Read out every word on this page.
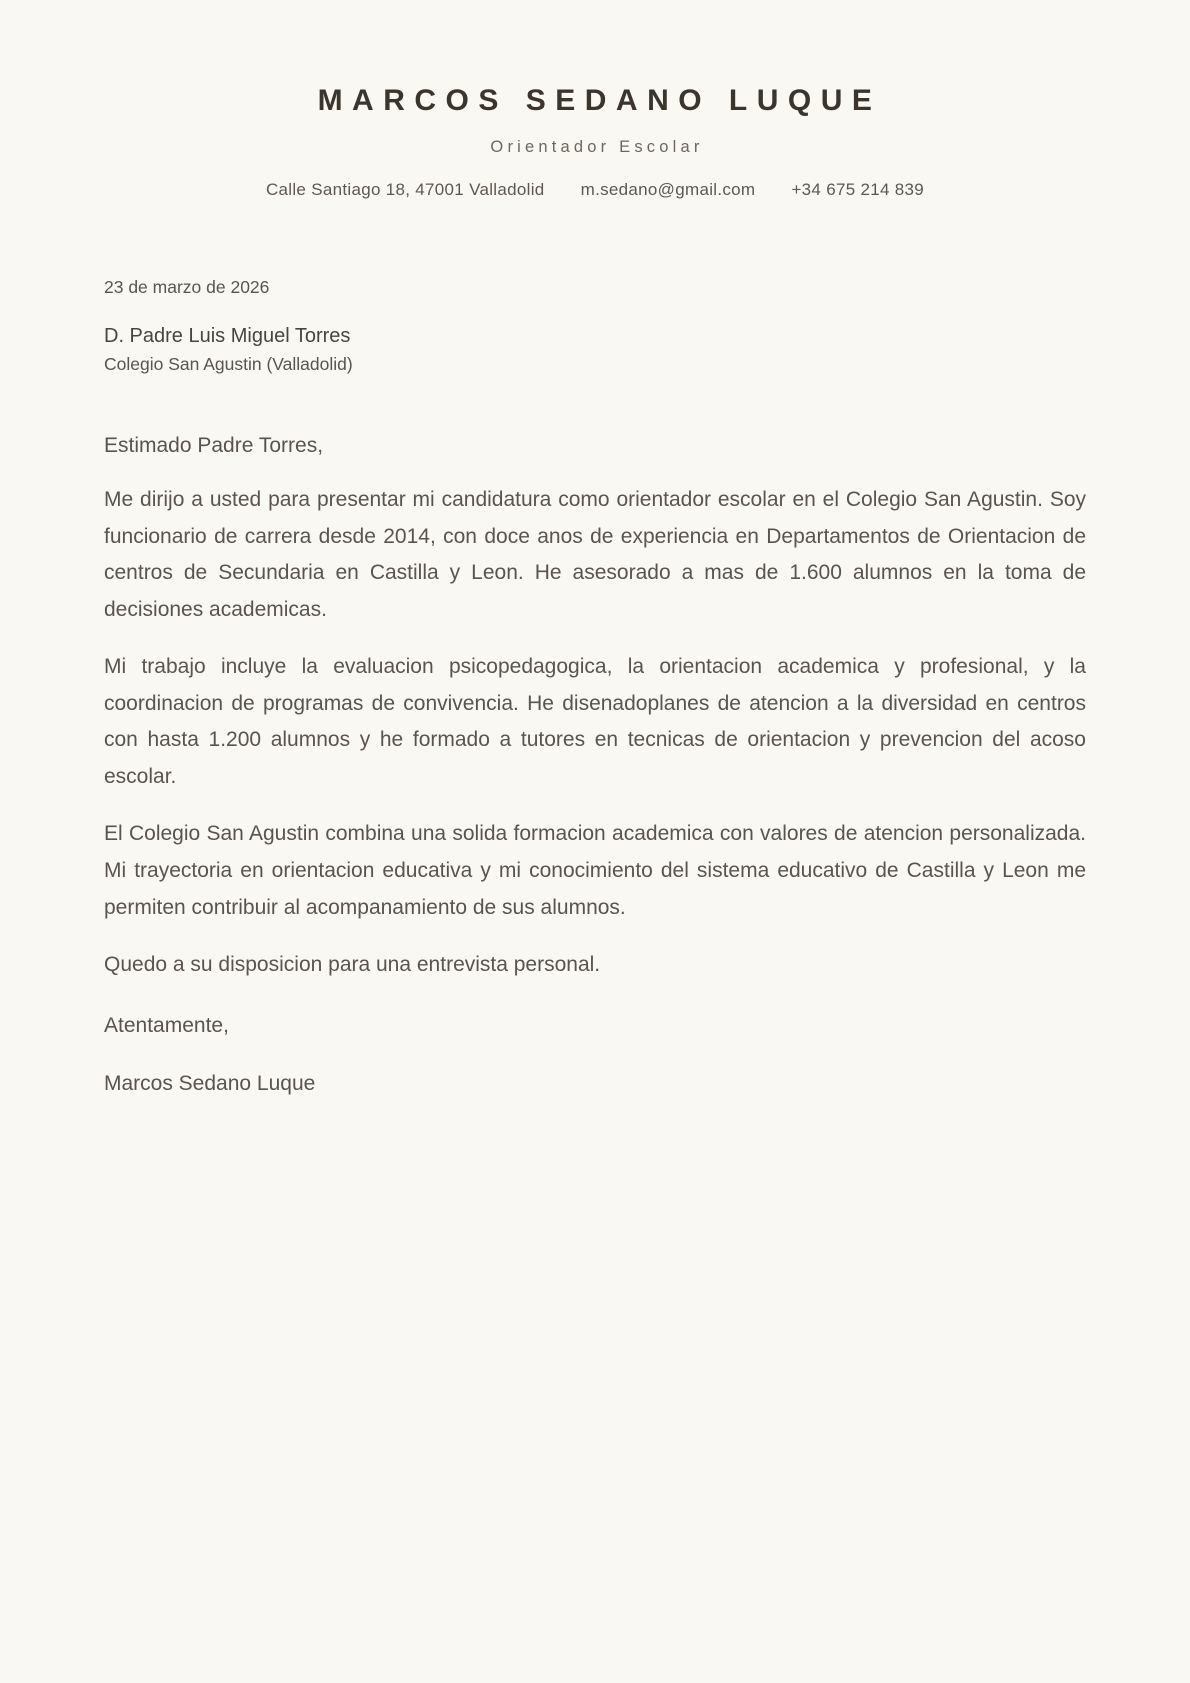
MARCOS SEDANO LUQUE

Orientador Escolar

Calle Santiago 18, 47001 Valladolid m.sedano@gmail.com +34 675 214 839

23 de marzo de 2026

D. Padre Luis Miguel Torres

Colegio San Agustin (Valladolid)

Estimado Padre Torres,

Me dirijo a usted para presentar mi candidatura como orientador escolar en el Colegio San Agustin. Soy funcionario de carrera desde 2014, con doce anos de experiencia en Departamentos de Orientacion de centros de Secundaria en Castilla y Leon. He asesorado a mas de 1.600 alumnos en la toma de decisiones academicas.

Mi trabajo incluye la evaluacion psicopedagogica, la orientacion academica y profesional, y la coordinacion de programas de convivencia. He disenadoplanes de atencion a la diversidad en centros con hasta 1.200 alumnos y he formado a tutores en tecnicas de orientacion y prevencion del acoso escolar.

El Colegio San Agustin combina una solida formacion academica con valores de atencion personalizada. Mi trayectoria en orientacion educativa y mi conocimiento del sistema educativo de Castilla y Leon me permiten contribuir al acompanamiento de sus alumnos.

Quedo a su disposicion para una entrevista personal.

Atentamente,

Marcos Sedano Luque
